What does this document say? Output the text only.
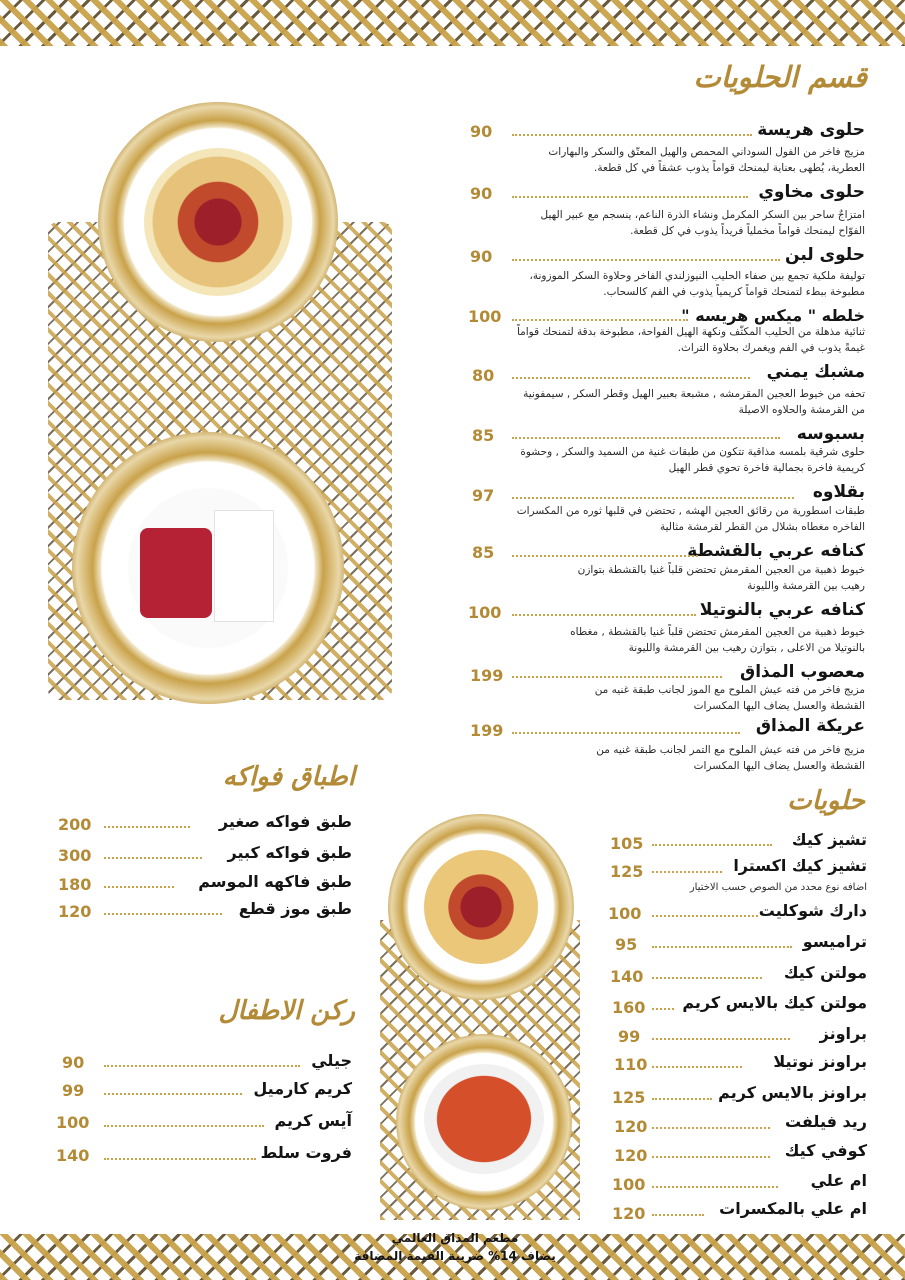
قسم الحلويات
حلوى هريسة
90
مزيج فاخر من الفول السوداني المحمص والهيل المعتّق والسكر والبهارات العطرية، يُطهى بعناية ليمنحك قواماً يذوب عشقاً في كل قطعة.
حلوى مخاوي
90
امتزاجٌ ساحر بين السكر المكرمل ونشاء الذرة الناعم، ينسجم مع عبير الهيل الفوّاح ليمنحك قواماً مخملياً فريداً يذوب في كل قطعة.
حلوى لبن
90
توليفة ملكية تجمع بين صفاء الحليب النيوزلندي الفاخر وحلاوة السكر الموزونة، مطبوخة ببطء لتمنحك قواماً كريمياً يذوب في الفم كالسحاب.
خلطه " ميكس هريسه "
100
ثنائية مذهلة من الحليب المكثّف ونكهة الهيل الفواحة، مطبوخة بدقة لتمنحك قواماً غيمةً يذوب في الفم ويغمرك بحلاوة التراث.
مشبك يمني
80
تحفه من خيوط العجين المقرمشه , مشبعة بعبير الهيل وقطر السكر , سيمفونية من القرمشة والحلاوه الاصيلة
بسبوسه
85
حلوى شرقية بلمسه مذاقية تتكون من طبقات غنية من السميد والسكر , وحشوة كريمية فاخرة بجمالية فاخرة تحوي قطر الهيل
بقلاوه
97
طبقات اسطورية من رقائق العجين الهشه , تحتضن في قلبها ثوره من المكسرات الفاخره مغطاه بشلال من القطر لقرمشة مثالية
كنافه عربي بالقشطة
85
خيوط ذهبية من العجين المقرمش تحتضن قلباً غنيا بالقشطة بتوازن رهيب بين القرمشة والليونة
كنافه عربي بالنوتيلا
100
خيوط ذهبية من العجين المقرمش تحتضن قلباً غنيا بالقشطة , مغطاه بالنوتيلا من الاعلى , بتوازن رهيب بين القرمشة والليونة
معصوب المذاق
199
مزيج فاخر من فته عيش الملوح مع الموز لجانب طبقة غنيه من القشطة والعسل يضاف اليها المكسرات
عريكة المذاق
199
مزيج فاخر من فته عيش الملوح مع التمر لجانب طبقة غنيه من القشطة والعسل يضاف اليها المكسرات
اطباق فواكه
طبق فواكه صغير
200
طبق فواكه كبير
300
طبق فاكهه الموسم
180
طبق موز قطع
120
ركن الاطفال
جيلي
90
كريم كارميل
99
آيس كريم
100
فروت سلط
140
حلويات
تشيز كيك
105
تشيز كيك اكسترا
125
اضافه نوع محدد من الصوص حسب الاختيار
دارك شوكليت
100
تراميسو
95
مولتن كيك
140
مولتن كيك بالايس كريم
160
براونز
99
براونز نوتيلا
110
براونز بالايس كريم
125
ريد فيلفت
120
كوفي كيك
120
ام علي
100
ام علي بالمكسرات
120
مطعم المذاق العالمي
يضاف 14% ضريبة القيمة المضافة
